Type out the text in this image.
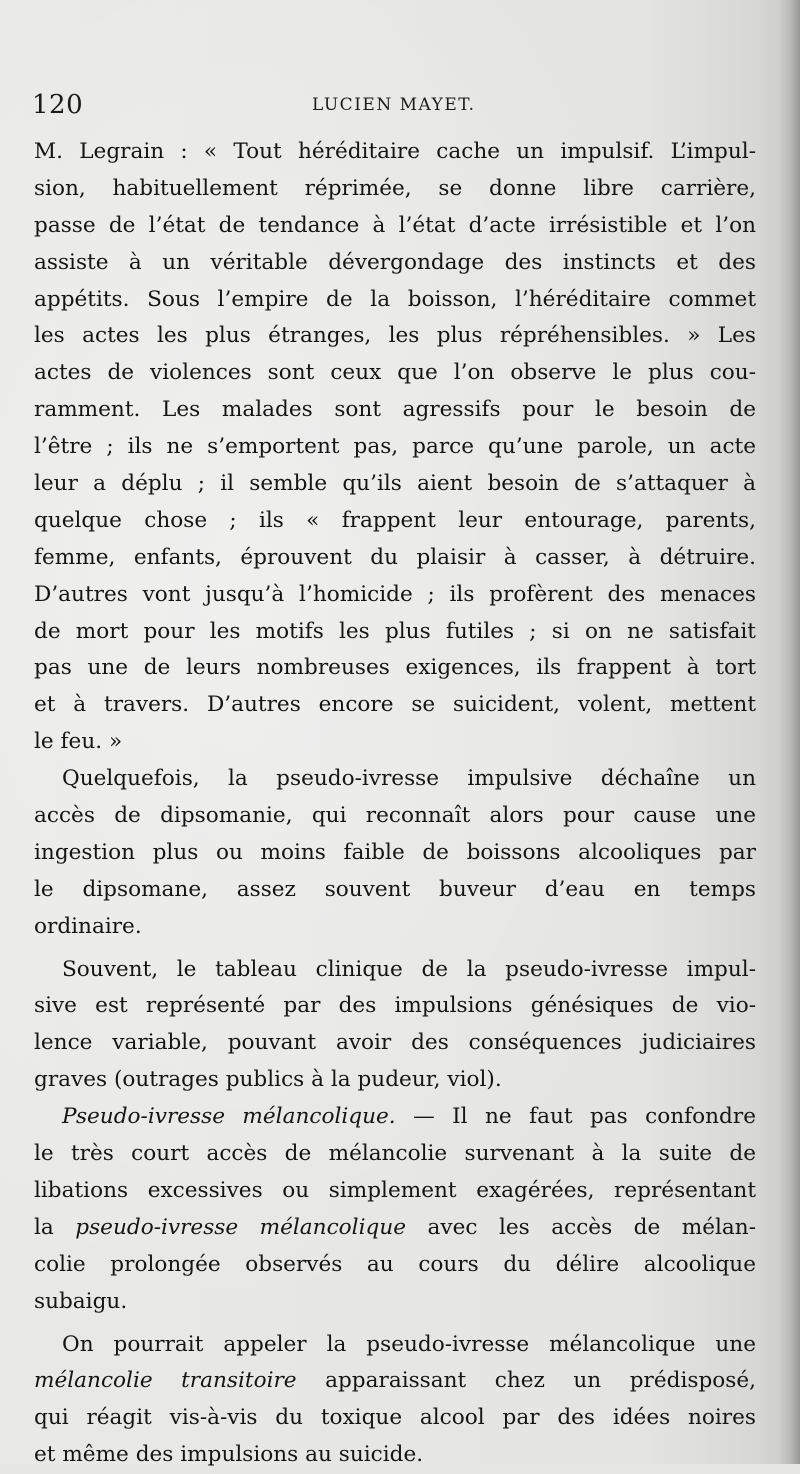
120	LUCIEN MAYET.
M. Legrain : « Tout héréditaire cache un impulsif. L’impul-
sion, habituellement réprimée, se donne libre carrière,
passe de l’état de tendance à l’état d’acte irrésistible et l’on
assiste à un véritable dévergondage des instincts et des
appétits. Sous l’empire de la boisson, l’héréditaire commet
les actes les plus étranges, les plus répréhensibles. » Les
actes de violences sont ceux que l’on observe le plus cou-
ramment. Les malades sont agressifs pour le besoin de
l’être ; ils ne s’emportent pas, parce qu’une parole, un acte
leur a déplu ; il semble qu’ils aient besoin de s’attaquer à
quelque chose ; ils « frappent leur entourage, parents,
femme, enfants, éprouvent du plaisir à casser, à détruire.
D’autres vont jusqu’à l’homicide ; ils profèrent des menaces
de mort pour les motifs les plus futiles ; si on ne satisfait
pas une de leurs nombreuses exigences, ils frappent à tort
et à travers. D’autres encore se suicident, volent, mettent
le feu. »
Quelquefois, la pseudo-ivresse impulsive déchaîne un
accès de dipsomanie, qui reconnaît alors pour cause une
ingestion plus ou moins faible de boissons alcooliques par
le dipsomane, assez souvent buveur d’eau en temps
ordinaire.
Souvent, le tableau clinique de la pseudo-ivresse impul-
sive est représenté par des impulsions génésiques de vio-
lence variable, pouvant avoir des conséquences judiciaires
graves (outrages publics à la pudeur, viol).
Pseudo-ivresse mélancolique. — Il ne faut pas confondre
le très court accès de mélancolie survenant à la suite de
libations excessives ou simplement exagérées, représentant
la pseudo-ivresse mélancolique avec les accès de mélan-
colie prolongée observés au cours du délire alcoolique
subaigu.
On pourrait appeler la pseudo-ivresse mélancolique une
mélancolie transitoire apparaissant chez un prédisposé,
qui réagit vis-à-vis du toxique alcool par des idées noires
et même des impulsions au suicide.
